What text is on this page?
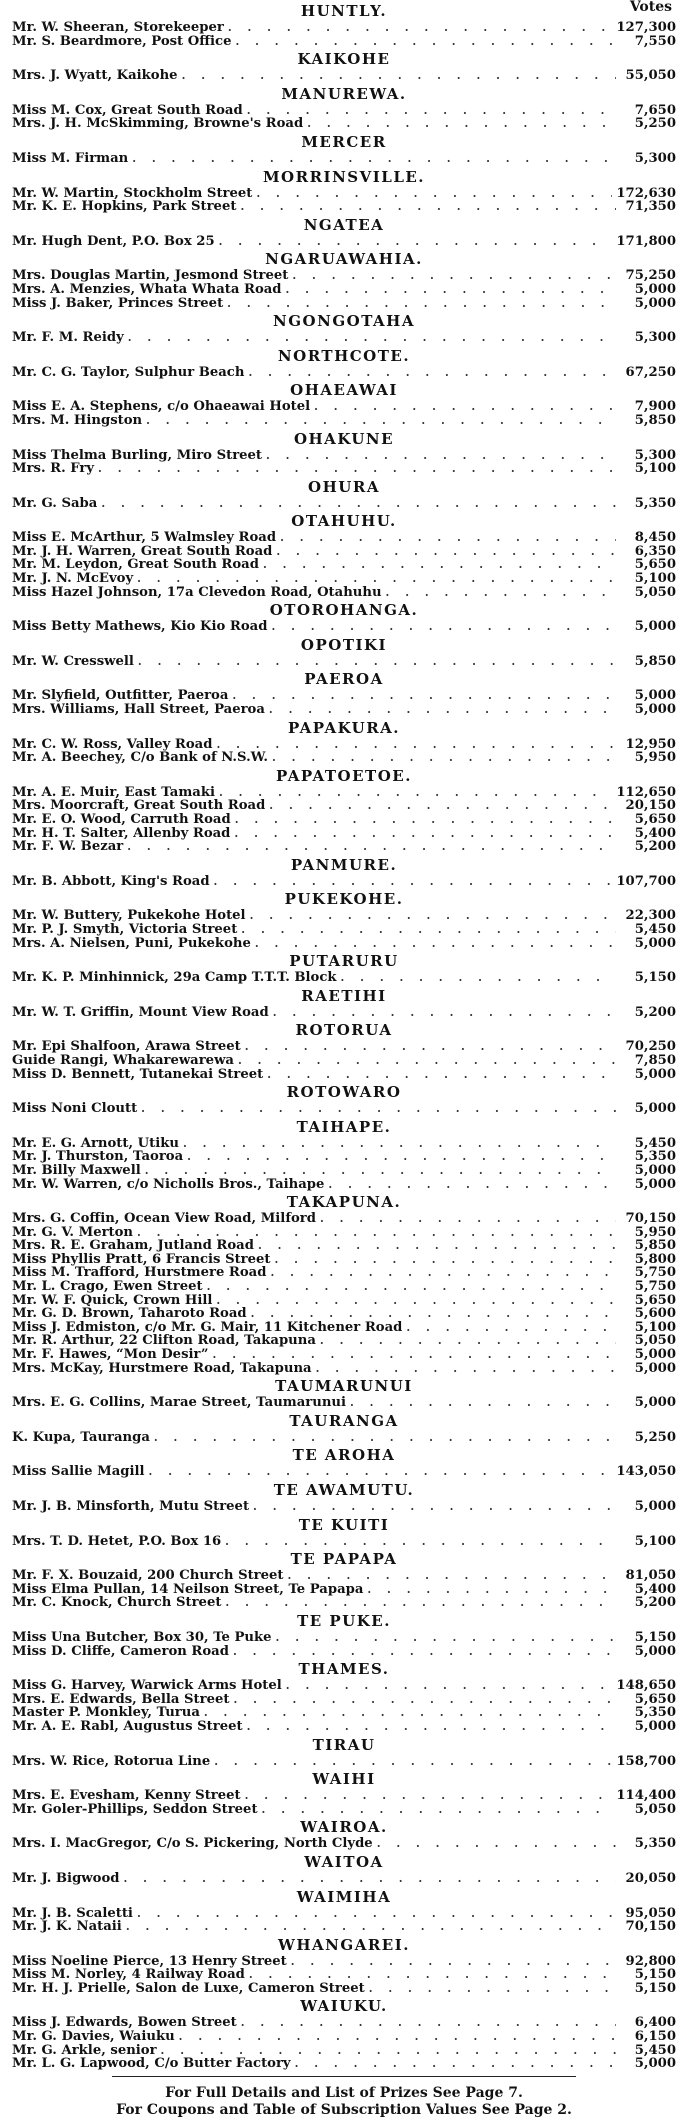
Votes
HUNTLY.
Mr. W. Sheeran, Storekeeper . . .	127,300
Mr. S. Beardmore, Post Office . . .	7,550
KAIKOHE
Mrs. J. Wyatt, Kaikohe . . .	55,050
MANUREWA.
Miss M. Cox, Great South Road . . .	7,650
Mrs. J. H. McSkimming, Browne's Road . . .	5,250
MERCER
Miss M. Firman . . .	5,300
MORRINSVILLE.
Mr. W. Martin, Stockholm Street . . .	172,630
Mr. K. E. Hopkins, Park Street . . .	71,350
NGATEA
Mr. Hugh Dent, P.O. Box 25 . . .	171,800
NGARUAWAHIA.
Mrs. Douglas Martin, Jesmond Street . . .	75,250
Mrs. A. Menzies, Whata Whata Road . . .	5,000
Miss J. Baker, Princes Street . . .	5,000
NGONGOTAHA
Mr. F. M. Reidy . . .	5,300
NORTHCOTE.
Mr. C. G. Taylor, Sulphur Beach . . .	67,250
OHAEAWAI
Miss E. A. Stephens, c/o Ohaeawai Hotel . . .	7,900
Mrs. M. Hingston . . .	5,850
OHAKUNE
Miss Thelma Burling, Miro Street . . .	5,300
Mrs. R. Fry . . .	5,100
OHURA
Mr. G. Saba . . .	5,350
OTAHUHU.
Miss E. McArthur, 5 Walmsley Road . . .	8,450
Mr. J. H. Warren, Great South Road . . .	6,350
Mr. M. Leydon, Great South Road . . .	5,650
Mr. J. N. McEvoy . . .	5,100
Miss Hazel Johnson, 17a Clevedon Road, Otahuhu . . .	5,050
OTOROHANGA.
Miss Betty Mathews, Kio Kio Road . . .	5,000
OPOTIKI
Mr. W. Cresswell . . .	5,850
PAEROA
Mr. Slyfield, Outfitter, Paeroa . . .	5,000
Mrs. Williams, Hall Street, Paeroa . . .	5,000
PAPAKURA.
Mr. C. W. Ross, Valley Road . . .	12,950
Mr. A. Beechey, C/o Bank of N.S.W. . . .	5,950
PAPATOETOE.
Mr. A. E. Muir, East Tamaki . . .	112,650
Mrs. Moorcraft, Great South Road . . .	20,150
Mr. E. O. Wood, Carruth Road . . .	5,650
Mr. H. T. Salter, Allenby Road . . .	5,400
Mr. F. W. Bezar . . .	5,200
PANMURE.
Mr. B. Abbott, King's Road . . .	107,700
PUKEKOHE.
Mr. W. Buttery, Pukekohe Hotel . . .	22,300
Mr. P. J. Smyth, Victoria Street . . .	5,450
Mrs. A. Nielsen, Puni, Pukekohe . . .	5,000
PUTARURU
Mr. K. P. Minhinnick, 29a Camp T.T.T. Block . . .	5,150
RAETIHI
Mr. W. T. Griffin, Mount View Road . . .	5,200
ROTORUA
Mr. Epi Shalfoon, Arawa Street . . .	70,250
Guide Rangi, Whakarewarewa . . .	7,850
Miss D. Bennett, Tutanekai Street . . .	5,000
ROTOWARO
Miss Noni Cloutt . . .	5,000
TAIHAPE.
Mr. E. G. Arnott, Utiku . . .	5,450
Mr. J. Thurston, Taoroa . . .	5,350
Mr. Billy Maxwell . . .	5,000
Mr. W. Warren, c/o Nicholls Bros., Taihape . . .	5,000
TAKAPUNA.
Mrs. G. Coffin, Ocean View Road, Milford . . .	70,150
Mr. G. V. Merton . . .	5,950
Mrs. R. E. Graham, Jutland Road . . .	5,850
Miss Phyllis Pratt, 6 Francis Street . . .	5,800
Miss M. Trafford, Hurstmere Road . . .	5,750
Mr. L. Crago, Ewen Street . . .	5,750
Mr. W. F. Quick, Crown Hill . . .	5,650
Mr. G. D. Brown, Taharoto Road . . .	5,600
Miss J. Edmiston, c/o Mr. G. Mair, 11 Kitchener Road . . .	5,100
Mr. R. Arthur, 22 Clifton Road, Takapuna . . .	5,050
Mr. F. Hawes, “Mon Desir” . . .	5,000
Mrs. McKay, Hurstmere Road, Takapuna . . .	5,000
TAUMARUNUI
Mrs. E. G. Collins, Marae Street, Taumarunui . . .	5,000
TAURANGA
K. Kupa, Tauranga . . .	5,250
TE AROHA
Miss Sallie Magill . . .	143,050
TE AWAMUTU.
Mr. J. B. Minsforth, Mutu Street . . .	5,000
TE KUITI
Mrs. T. D. Hetet, P.O. Box 16 . . .	5,100
TE PAPAPA
Mr. F. X. Bouzaid, 200 Church Street . . .	81,050
Miss Elma Pullan, 14 Neilson Street, Te Papapa . . .	5,400
Mr. C. Knock, Church Street . . .	5,200
TE PUKE.
Miss Una Butcher, Box 30, Te Puke . . .	5,150
Miss D. Cliffe, Cameron Road . . .	5,000
THAMES.
Miss G. Harvey, Warwick Arms Hotel . . .	148,650
Mrs. E. Edwards, Bella Street . . .	5,650
Master P. Monkley, Turua . . .	5,350
Mr. A. E. Rabl, Augustus Street . . .	5,000
TIRAU
Mrs. W. Rice, Rotorua Line . . .	158,700
WAIHI
Mrs. E. Evesham, Kenny Street . . .	114,400
Mr. Goler-Phillips, Seddon Street . . .	5,050
WAIROA.
Mrs. I. MacGregor, C/o S. Pickering, North Clyde . . .	5,350
WAITOA
Mr. J. Bigwood . . .	20,050
WAIMIHA
Mr. J. B. Scaletti . . .	95,050
Mr. J. K. Nataii . . .	70,150
WHANGAREI.
Miss Noeline Pierce, 13 Henry Street . . .	92,800
Miss M. Norley, 4 Railway Road . . .	5,150
Mr. H. J. Prielle, Salon de Luxe, Cameron Street . . .	5,150
WAIUKU.
Miss J. Edwards, Bowen Street . . .	6,400
Mr. G. Davies, Waiuku . . .	6,150
Mr. G. Arkle, senior . . .	5,450
Mr. L. G. Lapwood, C/o Butter Factory . . .	5,000
For Full Details and List of Prizes See Page 7.
For Coupons and Table of Subscription Values See Page 2.
